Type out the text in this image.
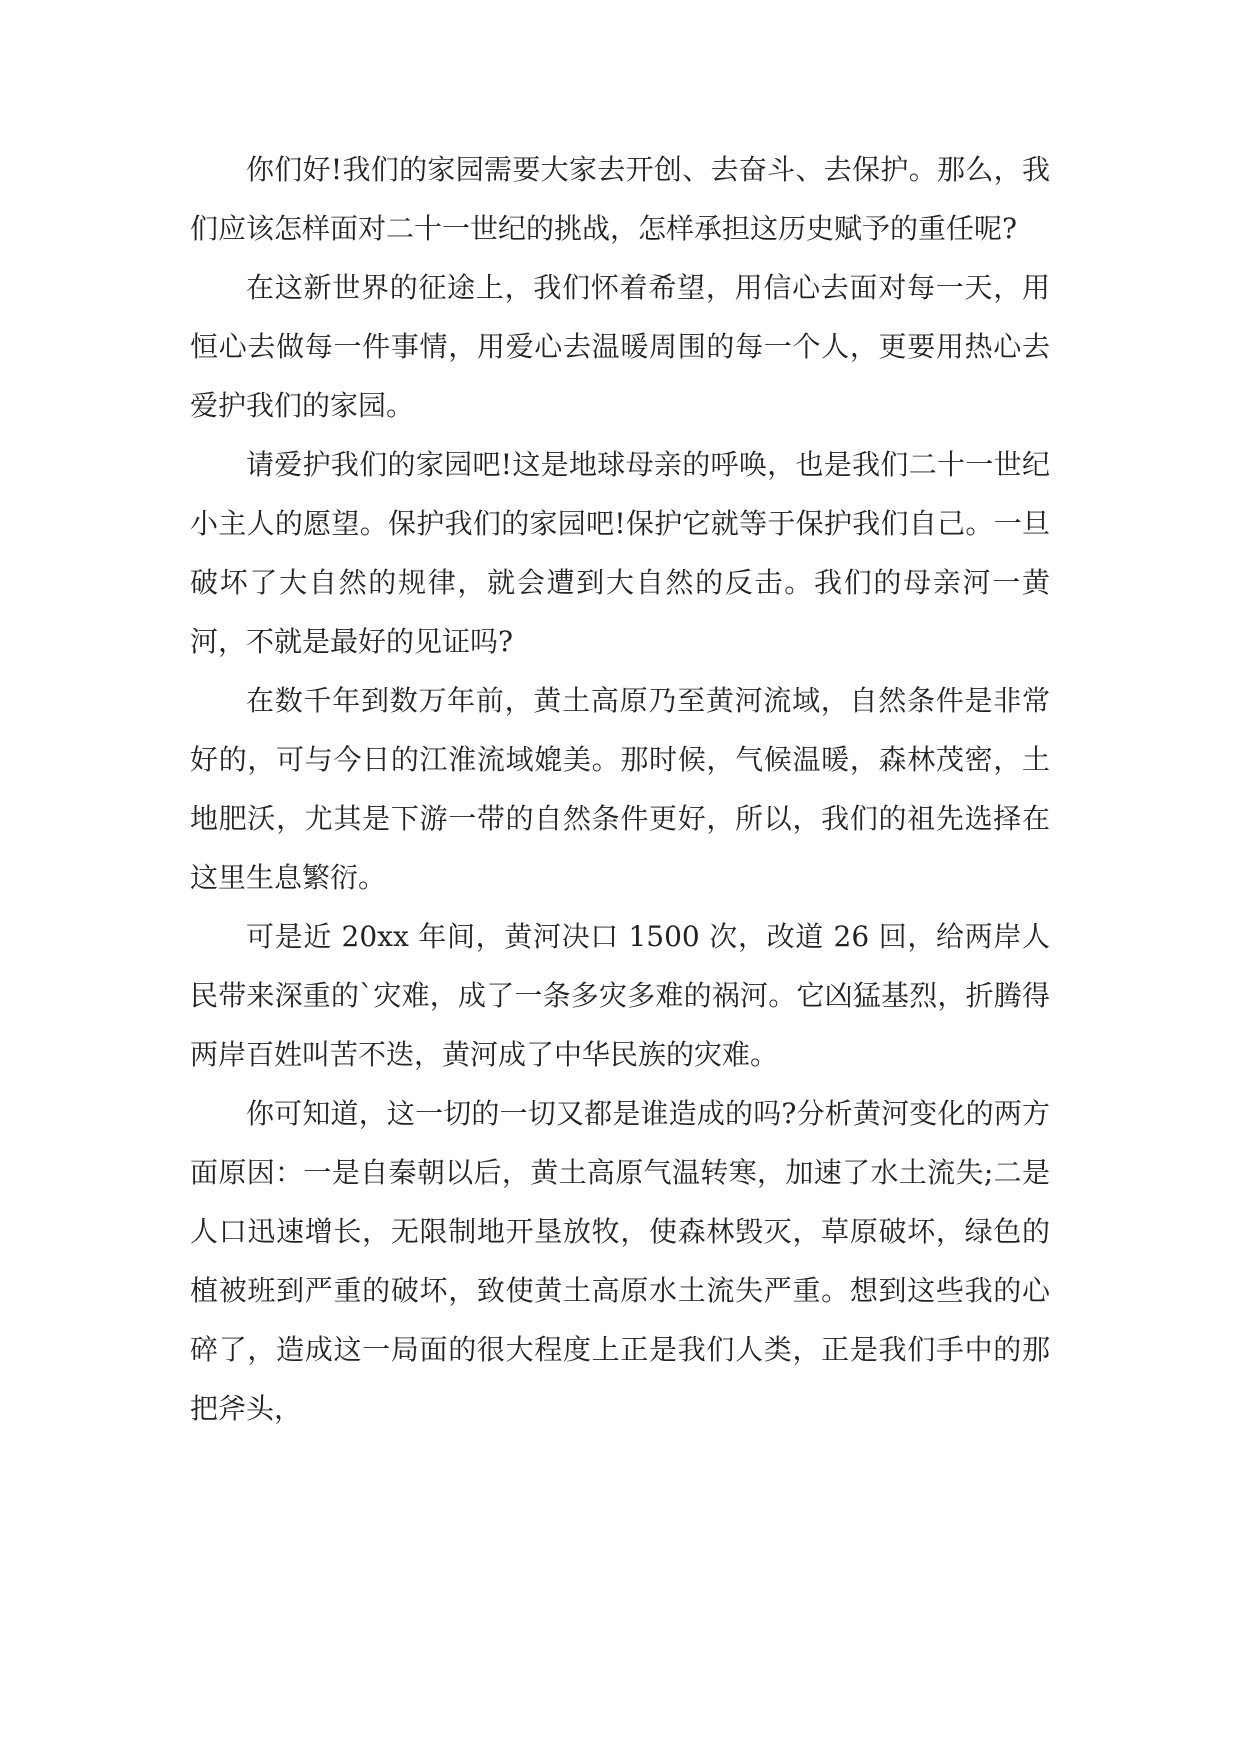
你们好!我们的家园需要大家去开创、去奋斗、去保护。那么，我们应该怎样面对二十一世纪的挑战，怎样承担这历史赋予的重任呢?

在这新世界的征途上，我们怀着希望，用信心去面对每一天，用恒心去做每一件事情，用爱心去温暖周围的每一个人，更要用热心去爱护我们的家园。

请爱护我们的家园吧!这是地球母亲的呼唤，也是我们二十一世纪小主人的愿望。保护我们的家园吧!保护它就等于保护我们自己。一旦破坏了大自然的规律，就会遭到大自然的反击。我们的母亲河一黄河，不就是最好的见证吗?

在数千年到数万年前，黄土高原乃至黄河流域，自然条件是非常好的，可与今日的江淮流域媲美。那时候，气候温暖，森林茂密，土地肥沃，尤其是下游一带的自然条件更好，所以，我们的祖先选择在这里生息繁衍。

可是近 20xx 年间，黄河决口 1500 次，改道 26 回，给两岸人民带来深重的`灾难，成了一条多灾多难的祸河。它凶猛基烈，折腾得两岸百姓叫苦不迭，黄河成了中华民族的灾难。

你可知道，这一切的一切又都是谁造成的吗?分析黄河变化的两方面原因：一是自秦朝以后，黄土高原气温转寒，加速了水土流失;二是人口迅速增长，无限制地开垦放牧，使森林毁灭，草原破坏，绿色的植被班到严重的破坏，致使黄土高原水土流失严重。想到这些我的心碎了，造成这一局面的很大程度上正是我们人类，正是我们手中的那把斧头，
